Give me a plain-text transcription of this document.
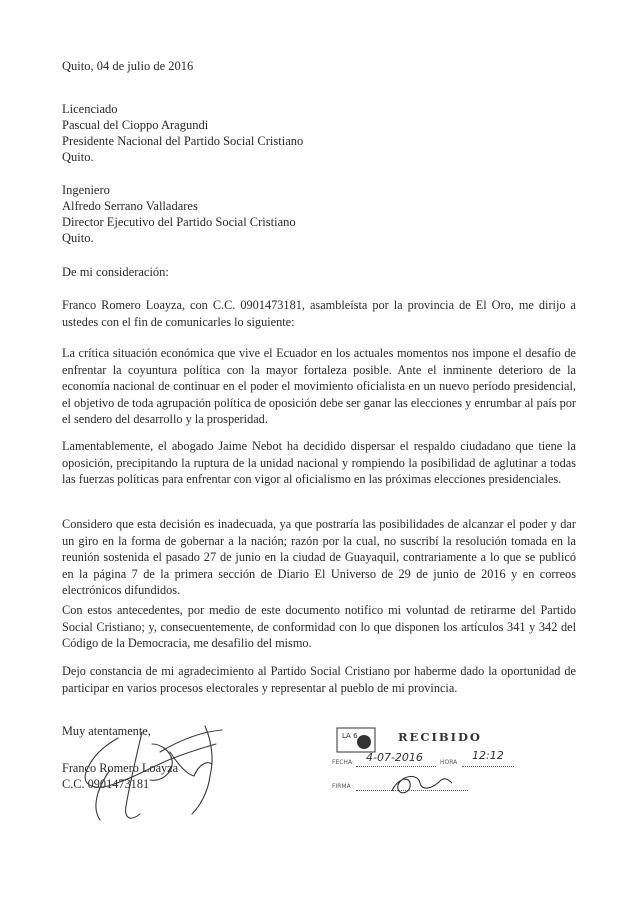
Quito, 04 de julio de 2016
Licenciado
Pascual del Cioppo Aragundi
Presidente Nacional del Partido Social Cristiano
Quito.
Ingeniero
Alfredo Serrano Valladares
Director Ejecutivo del Partido Social Cristiano
Quito.
De mi consideración:
Franco Romero Loayza, con C.C. 0901473181, asambleísta por la provincia de El Oro, me dirijo a ustedes con el fin de comunicarles lo siguiente:
La crítica situación económica que vive el Ecuador en los actuales momentos nos impone el desafío de enfrentar la coyuntura política con la mayor fortaleza posible. Ante el inminente deterioro de la economía nacional de continuar en el poder el movimiento oficialista en un nuevo período presidencial, el objetivo de toda agrupación política de oposición debe ser ganar las elecciones y enrumbar al país por el sendero del desarrollo y la prosperidad.
Lamentablemente, el abogado Jaime Nebot ha decidido dispersar el respaldo ciudadano que tiene la oposición, precipitando la ruptura de la unidad nacional y rompiendo la posibilidad de aglutinar a todas las fuerzas políticas para enfrentar con vigor al oficialismo en las próximas elecciones presidenciales.
Considero que esta decisión es inadecuada, ya que postraría las posibilidades de alcanzar el poder y dar un giro en la forma de gobernar a la nación; razón por la cual, no suscribí la resolución tomada en la reunión sostenida el pasado 27 de junio en la ciudad de Guayaquil, contrariamente a lo que se publicó en la página 7 de la primera sección de Diario El Universo de 29 de junio de 2016 y en correos electrónicos difundidos.
Con estos antecedentes, por medio de este documento notifico mi voluntad de retirarme del Partido Social Cristiano; y, consecuentemente, de conformidad con lo que disponen los artículos 341 y 342 del Código de la Democracia, me desafilio del mismo.
Dejo constancia de mi agradecimiento al Partido Social Cristiano por haberme dado la oportunidad de participar en varios procesos electorales y representar al pueblo de mi provincia.
Muy atentamente,
Franco Romero Loayza
C.C. 0901473181
LA 6	RECIBIDO
FECHA 4-07-2016	HORA
12:12
FIRMA
